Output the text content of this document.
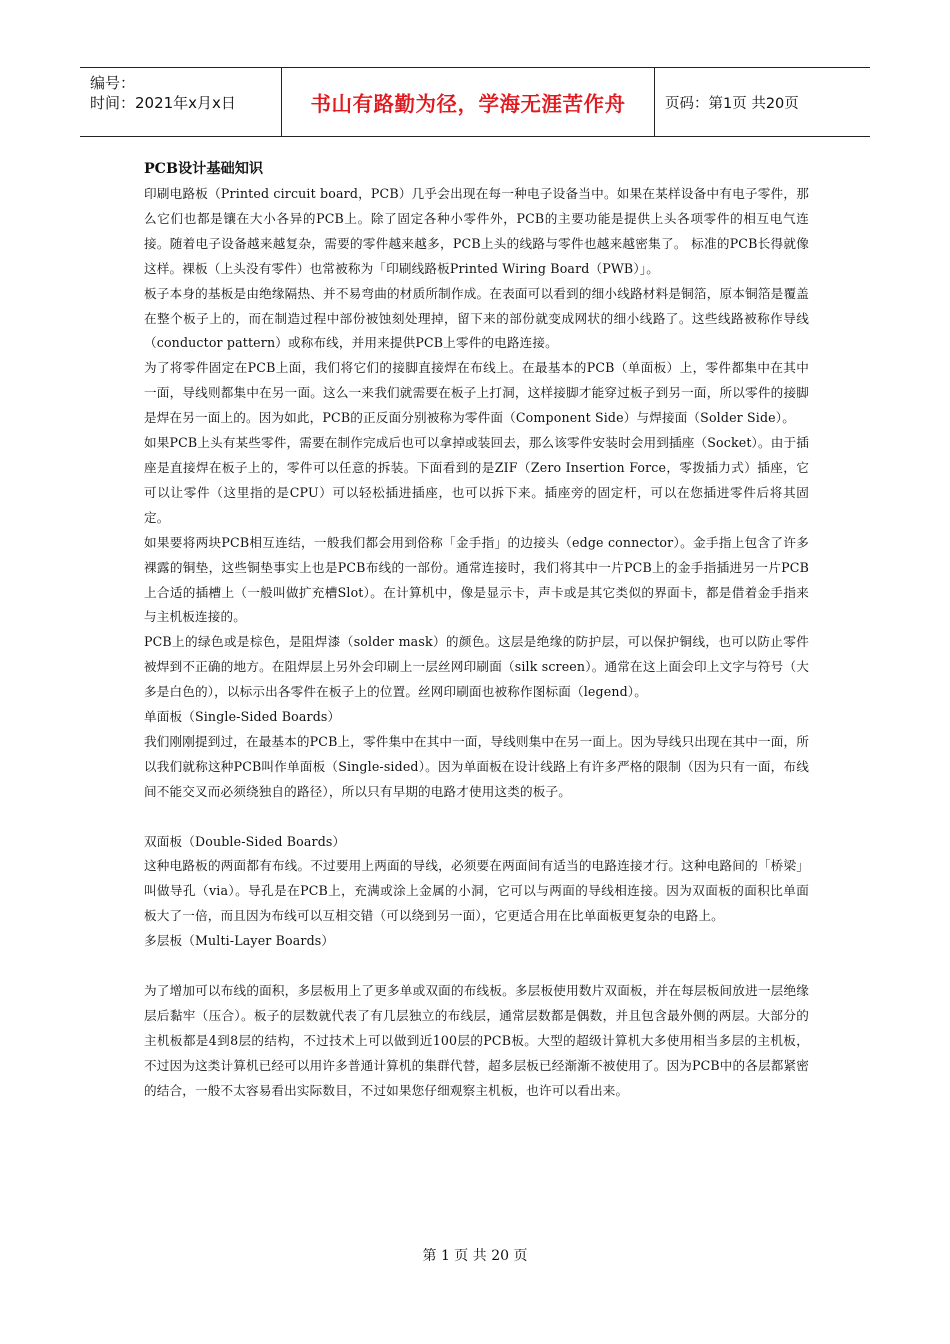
编号：
时间：2021年x月x日	书山有路勤为径，学海无涯苦作舟	页码：第1页 共20页

PCB设计基础知识

印刷电路板（Printed circuit board，PCB）几乎会出现在每一种电子设备当中。如果在某样设备中有电子零件，那么它们也都是镶在大小各异的PCB上。除了固定各种小零件外，PCB的主要功能是提供上头各项零件的相互电气连接。随着电子设备越来越复杂，需要的零件越来越多，PCB上头的线路与零件也越来越密集了。 标准的PCB长得就像这样。裸板（上头没有零件）也常被称为「印刷线路板Printed Wiring Board（PWB）」。

板子本身的基板是由绝缘隔热、并不易弯曲的材质所制作成。在表面可以看到的细小线路材料是铜箔，原本铜箔是覆盖在整个板子上的，而在制造过程中部份被蚀刻处理掉，留下来的部份就变成网状的细小线路了。这些线路被称作导线（conductor pattern）或称布线，并用来提供PCB上零件的电路连接。

为了将零件固定在PCB上面，我们将它们的接脚直接焊在布线上。在最基本的PCB（单面板）上，零件都集中在其中一面，导线则都集中在另一面。这么一来我们就需要在板子上打洞，这样接脚才能穿过板子到另一面，所以零件的接脚是焊在另一面上的。因为如此，PCB的正反面分别被称为零件面（Component Side）与焊接面（Solder Side）。

如果PCB上头有某些零件，需要在制作完成后也可以拿掉或装回去，那么该零件安装时会用到插座（Socket）。由于插座是直接焊在板子上的，零件可以任意的拆装。下面看到的是ZIF（Zero Insertion Force，零拨插力式）插座，它可以让零件（这里指的是CPU）可以轻松插进插座，也可以拆下来。插座旁的固定杆，可以在您插进零件后将其固定。

如果要将两块PCB相互连结，一般我们都会用到俗称「金手指」的边接头（edge connector）。金手指上包含了许多裸露的铜垫，这些铜垫事实上也是PCB布线的一部份。通常连接时，我们将其中一片PCB上的金手指插进另一片PCB上合适的插槽上（一般叫做扩充槽Slot）。在计算机中，像是显示卡，声卡或是其它类似的界面卡，都是借着金手指来与主机板连接的。

PCB上的绿色或是棕色，是阻焊漆（solder mask）的颜色。这层是绝缘的防护层，可以保护铜线，也可以防止零件被焊到不正确的地方。在阻焊层上另外会印刷上一层丝网印刷面（silk screen）。通常在这上面会印上文字与符号（大多是白色的），以标示出各零件在板子上的位置。丝网印刷面也被称作图标面（legend）。

单面板（Single-Sided Boards）

我们刚刚提到过，在最基本的PCB上，零件集中在其中一面，导线则集中在另一面上。因为导线只出现在其中一面，所以我们就称这种PCB叫作单面板（Single-sided）。因为单面板在设计线路上有许多严格的限制（因为只有一面，布线间不能交叉而必须绕独自的路径），所以只有早期的电路才使用这类的板子。

双面板（Double-Sided Boards）

这种电路板的两面都有布线。不过要用上两面的导线，必须要在两面间有适当的电路连接才行。这种电路间的「桥梁」叫做导孔（via）。导孔是在PCB上，充满或涂上金属的小洞，它可以与两面的导线相连接。因为双面板的面积比单面板大了一倍，而且因为布线可以互相交错（可以绕到另一面），它更适合用在比单面板更复杂的电路上。

多层板（Multi-Layer Boards）

为了增加可以布线的面积，多层板用上了更多单或双面的布线板。多层板使用数片双面板，并在每层板间放进一层绝缘层后黏牢（压合）。板子的层数就代表了有几层独立的布线层，通常层数都是偶数，并且包含最外侧的两层。大部分的主机板都是4到8层的结构，不过技术上可以做到近100层的PCB板。大型的超级计算机大多使用相当多层的主机板，不过因为这类计算机已经可以用许多普通计算机的集群代替，超多层板已经渐渐不被使用了。因为PCB中的各层都紧密的结合，一般不太容易看出实际数目，不过如果您仔细观察主机板，也许可以看出来。

第 1 页 共 20 页
